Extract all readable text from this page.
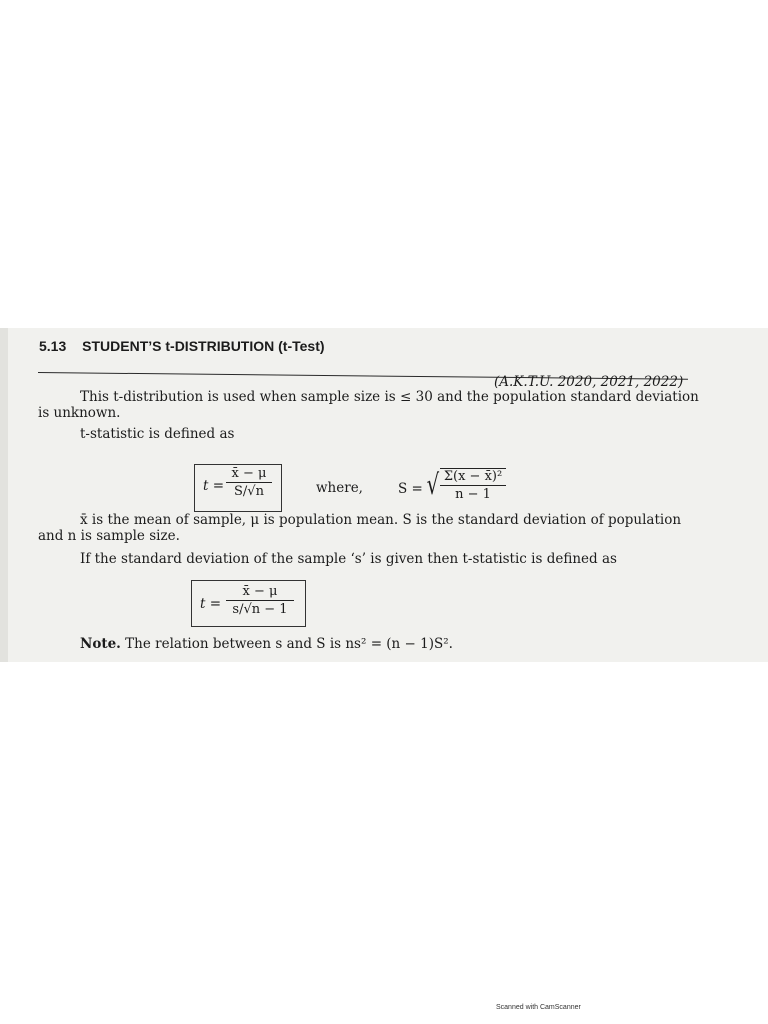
5.13 STUDENT’S t-DISTRIBUTION (t-Test)
(A.K.T.U. 2020, 2021, 2022)
This t-distribution is used when sample size is ≤ 30 and the population standard deviation
is unknown.
t-statistic is defined as
t =
x̄ − μ
S/√n	where,	S = √ Σ(x − x̄)²
n − 1
x̄ is the mean of sample, μ is population mean. S is the standard deviation of population
and n is sample size.
If the standard deviation of the sample ‘s’ is given then t-statistic is defined as
t =
x̄ − μ
s/√n − 1
Note. The relation between s and S is ns² = (n − 1)S².
Scanned with CamScanner
